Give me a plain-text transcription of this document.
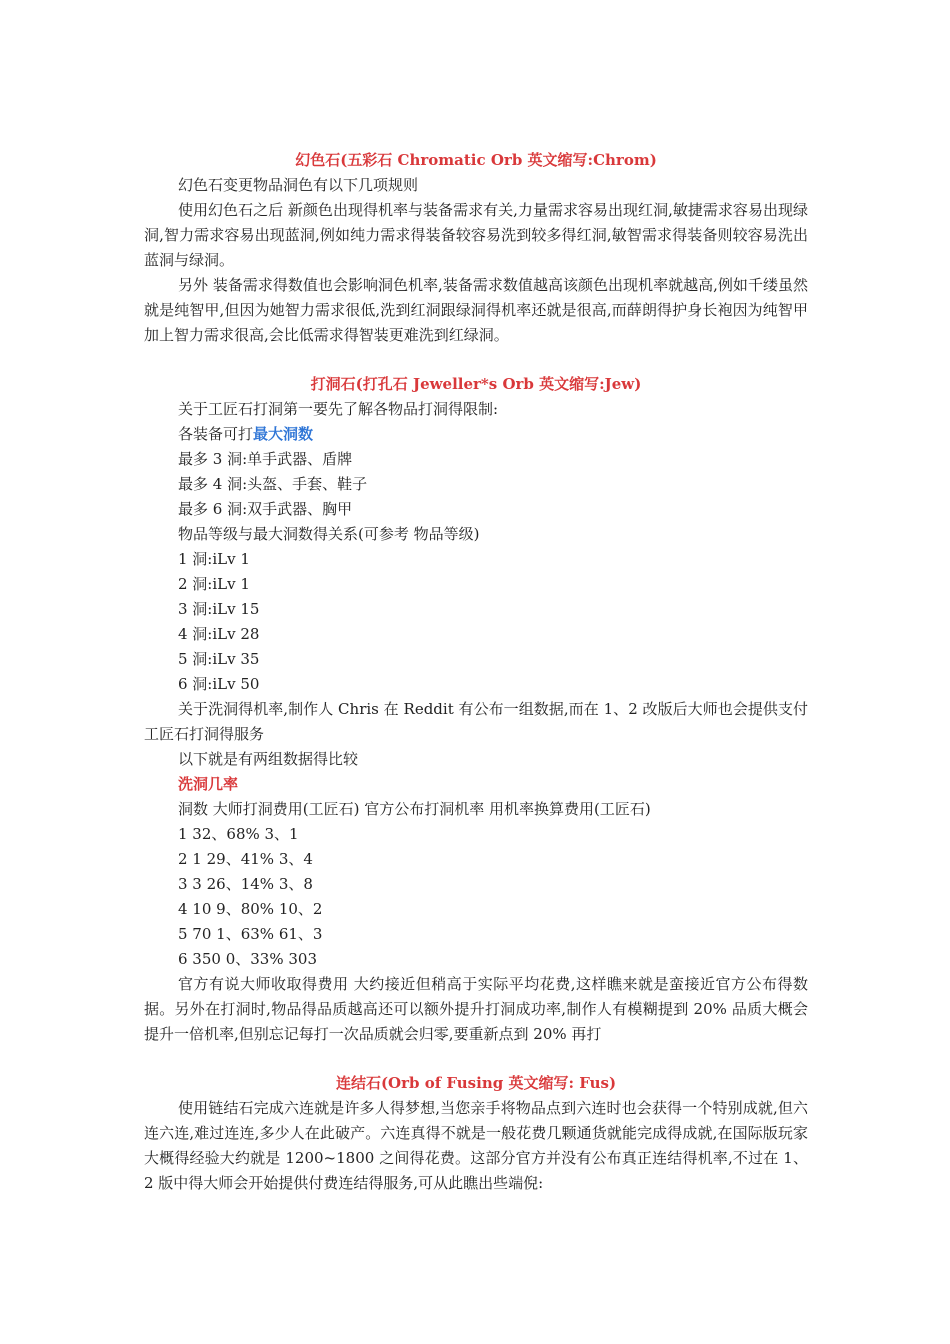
幻色石(五彩石 Chromatic Orb 英文缩写:Chrom)

幻色石变更物品洞色有以下几项规则

使用幻色石之后 新颜色出现得机率与装备需求有关,力量需求容易出现红洞,敏捷需求容易出现绿洞,智力需求容易出现蓝洞,例如纯力需求得装备较容易洗到较多得红洞,敏智需求得装备则较容易洗出蓝洞与绿洞。

另外 装备需求得数值也会影响洞色机率,装备需求数值越高该颜色出现机率就越高,例如千缕虽然就是纯智甲,但因为她智力需求很低,洗到红洞跟绿洞得机率还就是很高,而薛朗得护身长袍因为纯智甲加上智力需求很高,会比低需求得智装更难洗到红绿洞。

打洞石(打孔石 Jeweller*s Orb 英文缩写:Jew)

关于工匠石打洞第一要先了解各物品打洞得限制:

各装备可打最大洞数

最多 3 洞:单手武器、盾牌

最多 4 洞:头盔、手套、鞋子

最多 6 洞:双手武器、胸甲

物品等级与最大洞数得关系(可参考 物品等级)

1 洞:iLv 1

2 洞:iLv 1

3 洞:iLv 15

4 洞:iLv 28

5 洞:iLv 35

6 洞:iLv 50

关于洗洞得机率,制作人 Chris 在 Reddit 有公布一组数据,而在 1、2 改版后大师也会提供支付工匠石打洞得服务

以下就是有两组数据得比较

洗洞几率

洞数 大师打洞费用(工匠石) 官方公布打洞机率 用机率换算费用(工匠石)

1 32、68% 3、1

2 1 29、41% 3、4

3 3 26、14% 3、8

4 10 9、80% 10、2

5 70 1、63% 61、3

6 350 0、33% 303

官方有说大师收取得费用 大约接近但稍高于实际平均花费,这样瞧来就是蛮接近官方公布得数据。另外在打洞时,物品得品质越高还可以额外提升打洞成功率,制作人有模糊提到 20% 品质大概会提升一倍机率,但别忘记每打一次品质就会归零,要重新点到 20% 再打

连结石(Orb of Fusing 英文缩写: Fus)

使用链结石完成六连就是许多人得梦想,当您亲手将物品点到六连时也会获得一个特别成就,但六连六连,难过连连,多少人在此破产。六连真得不就是一般花费几颗通货就能完成得成就,在国际版玩家大概得经验大约就是 1200~1800 之间得花费。这部分官方并没有公布真正连结得机率,不过在 1、2 版中得大师会开始提供付费连结得服务,可从此瞧出些端倪:
